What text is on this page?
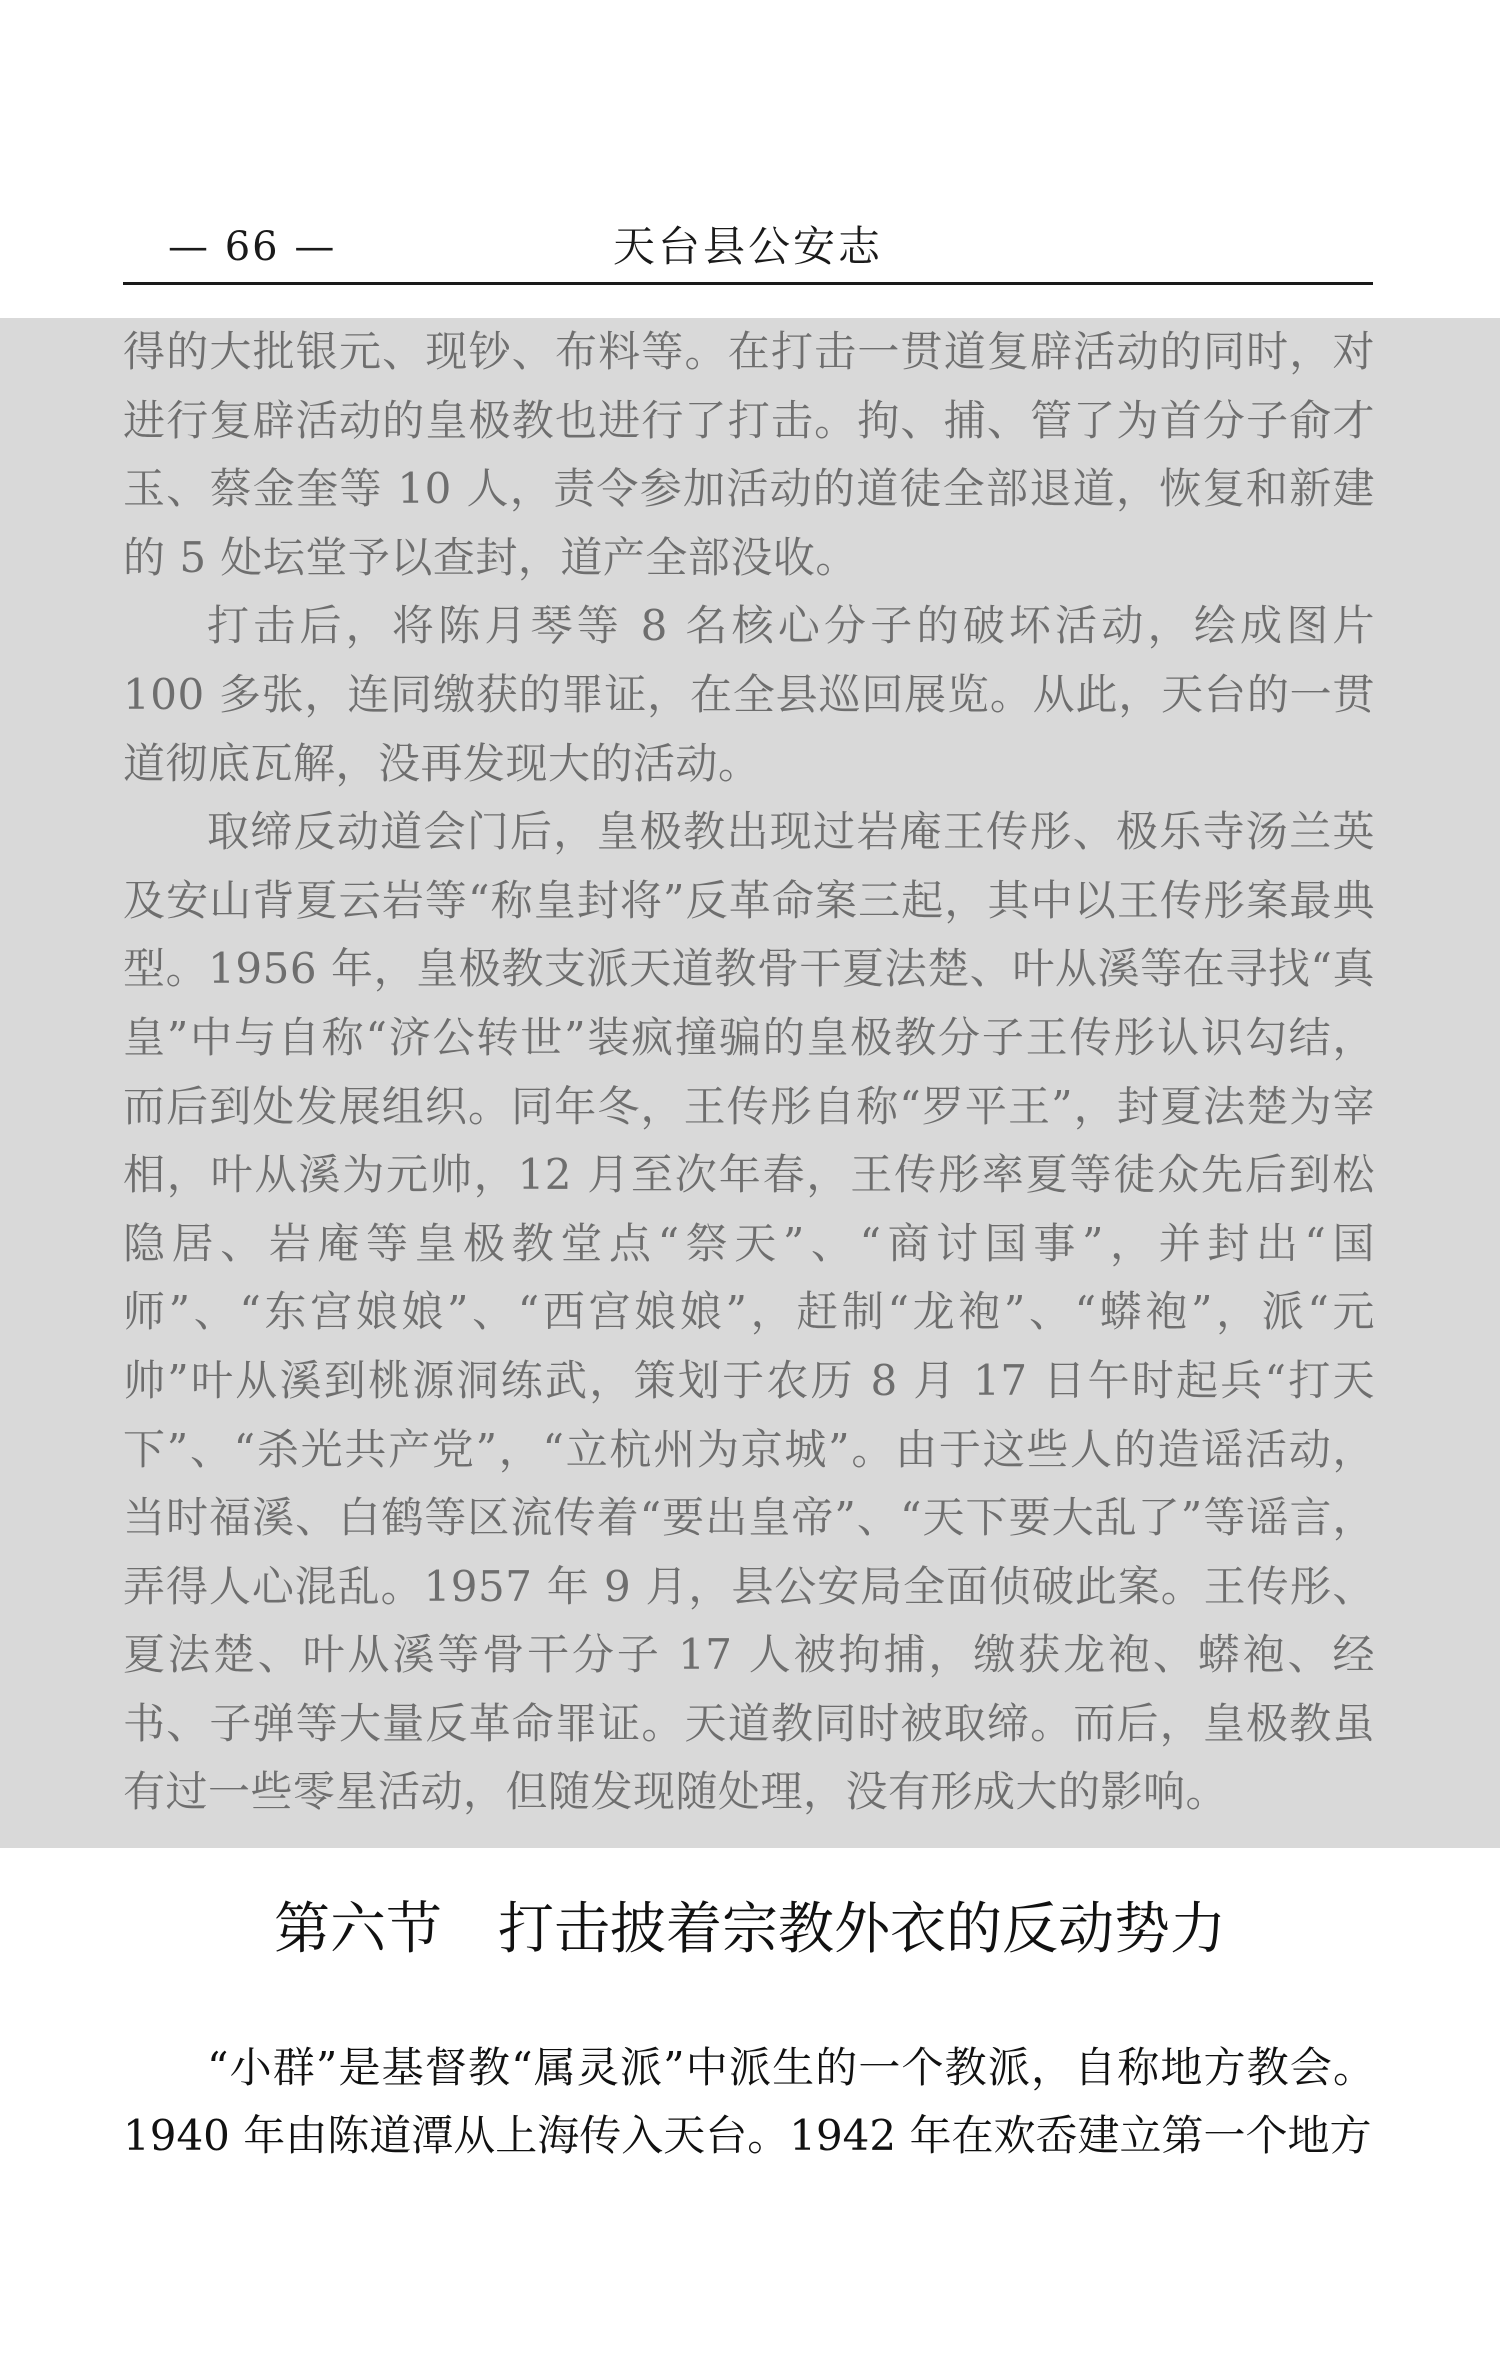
— 66 —	天台县公安志

得的大批银元、现钞、布料等。在打击一贯道复辟活动的同时，对进行复辟活动的皇极教也进行了打击。拘、捕、管了为首分子俞才玉、蔡金奎等 10 人，责令参加活动的道徒全部退道，恢复和新建的 5 处坛堂予以查封，道产全部没收。

打击后，将陈月琴等 8 名核心分子的破坏活动，绘成图片 100 多张，连同缴获的罪证，在全县巡回展览。从此，天台的一贯道彻底瓦解，没再发现大的活动。

取缔反动道会门后，皇极教出现过岩庵王传彤、极乐寺汤兰英及安山背夏云岩等“称皇封将”反革命案三起，其中以王传彤案最典型。1956 年，皇极教支派天道教骨干夏法楚、叶从溪等在寻找“真皇”中与自称“济公转世”装疯撞骗的皇极教分子王传彤认识勾结，而后到处发展组织。同年冬，王传彤自称“罗平王”，封夏法楚为宰相，叶从溪为元帅，12 月至次年春，王传彤率夏等徒众先后到松隐居、岩庵等皇极教堂点“祭天”、“商讨国事”，并封出“国师”、“东宫娘娘”、“西宫娘娘”，赶制“龙袍”、“蟒袍”，派“元帅”叶从溪到桃源洞练武，策划于农历 8 月 17 日午时起兵“打天下”、“杀光共产党”，“立杭州为京城”。由于这些人的造谣活动，当时福溪、白鹤等区流传着“要出皇帝”、“天下要大乱了”等谣言，弄得人心混乱。1957 年 9 月，县公安局全面侦破此案。王传彤、夏法楚、叶从溪等骨干分子 17 人被拘捕，缴获龙袍、蟒袍、经书、子弹等大量反革命罪证。天道教同时被取缔。而后，皇极教虽有过一些零星活动，但随发现随处理，没有形成大的影响。

第六节 打击披着宗教外衣的反动势力

“小群”是基督教“属灵派”中派生的一个教派，自称地方教会。1940 年由陈道潭从上海传入天台。1942 年在欢岙建立第一个地方
